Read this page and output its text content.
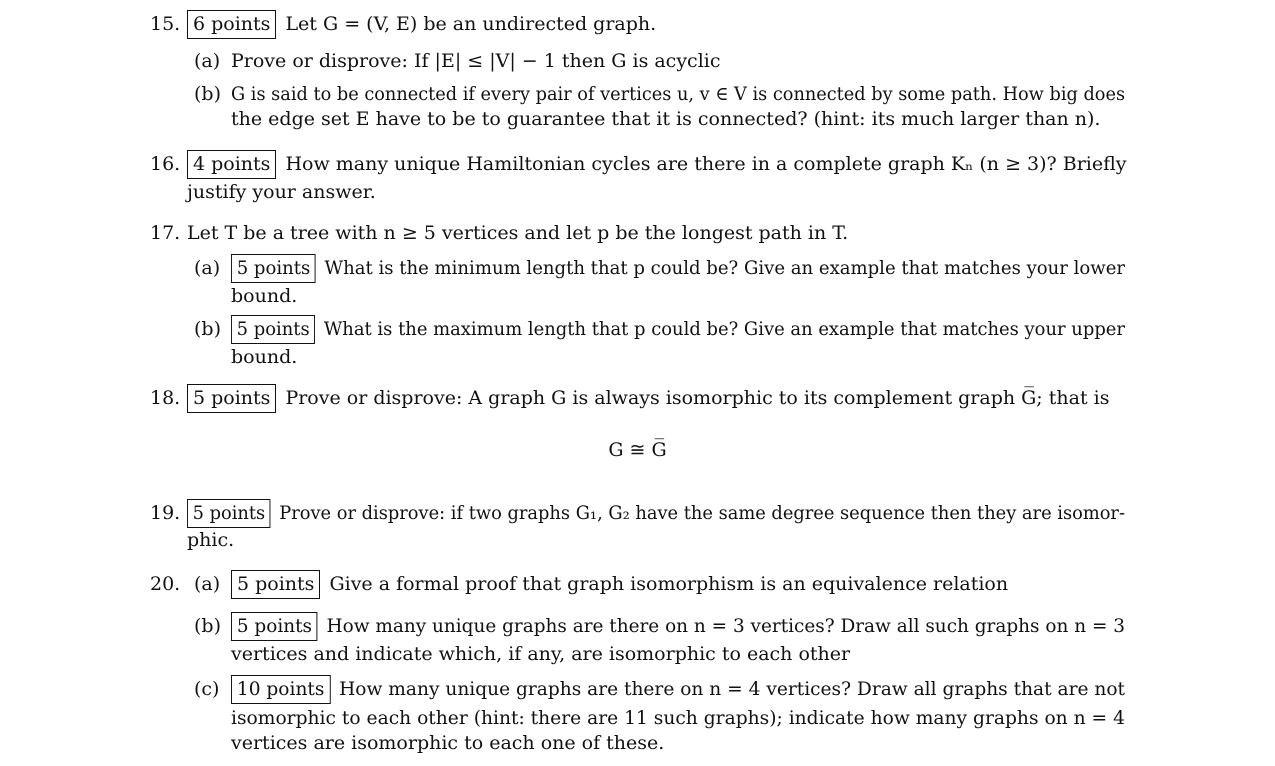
15. 6 points Let G = (V, E) be an undirected graph.
(a) Prove or disprove: If |E| ≤ |V| − 1 then G is acyclic
(b) G is said to be connected if every pair of vertices u, v ∈ V is connected by some path. How big does
the edge set E have to be to guarantee that it is connected? (hint: its much larger than n).
16. 4 points How many unique Hamiltonian cycles are there in a complete graph Kₙ (n ≥ 3)? Briefly
justify your answer.
17. Let T be a tree with n ≥ 5 vertices and let p be the longest path in T.
(a) 5 points What is the minimum length that p could be? Give an example that matches your lower
bound.
(b) 5 points What is the maximum length that p could be? Give an example that matches your upper
bound.
18. 5 points Prove or disprove: A graph G is always isomorphic to its complement graph G̅; that is
G ≅ G̅
19. 5 points Prove or disprove: if two graphs G₁, G₂ have the same degree sequence then they are isomor-
phic.
20. (a) 5 points Give a formal proof that graph isomorphism is an equivalence relation
(b) 5 points How many unique graphs are there on n = 3 vertices? Draw all such graphs on n = 3
vertices and indicate which, if any, are isomorphic to each other
(c) 10 points How many unique graphs are there on n = 4 vertices? Draw all graphs that are not
isomorphic to each other (hint: there are 11 such graphs); indicate how many graphs on n = 4
vertices are isomorphic to each one of these.
